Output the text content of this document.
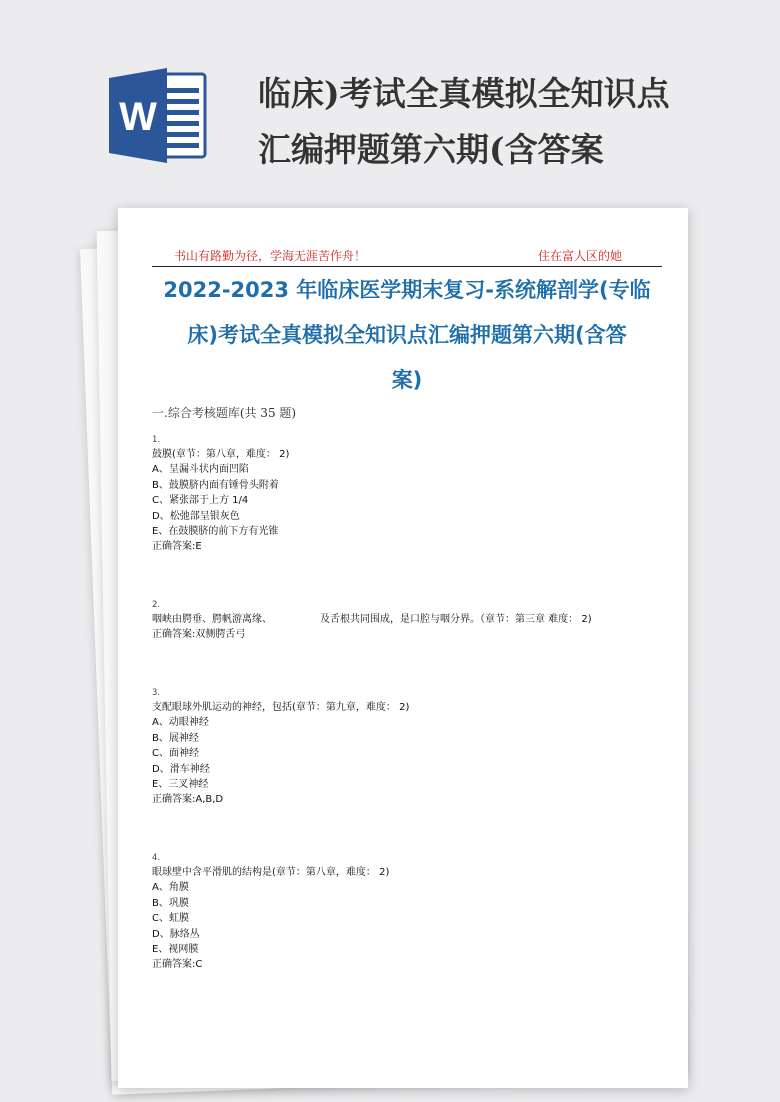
W
临床)考试全真模拟全知识点
汇编押题第六期(含答案
书山有路勤为径，学海无涯苦作舟！	住在富人区的她
2022-2023 年临床医学期末复习-系统解剖学(专临
床)考试全真模拟全知识点汇编押题第六期(含答
案)
一.综合考核题库(共 35 题)
1.
鼓膜(章节：第八章，难度： 2)
A、呈漏斗状内面凹陷
B、鼓膜脐内面有锤骨头附着
C、紧张部于上方 1/4
D、松弛部呈银灰色
E、在鼓膜脐的前下方有光锥
正确答案:E
2.
咽峡由腭垂、腭帆游离缘、	及舌根共同围成，是口腔与咽分界。（章节：第三章 难度： 2)
正确答案:双侧腭舌弓
3.
支配眼球外肌运动的神经，包括(章节：第九章，难度： 2)
A、动眼神经
B、展神经
C、面神经
D、滑车神经
E、三叉神经
正确答案:A,B,D
4.
眼球壁中含平滑肌的结构是(章节：第八章，难度： 2)
A、角膜
B、巩膜
C、虹膜
D、脉络丛
E、视网膜
正确答案:C
